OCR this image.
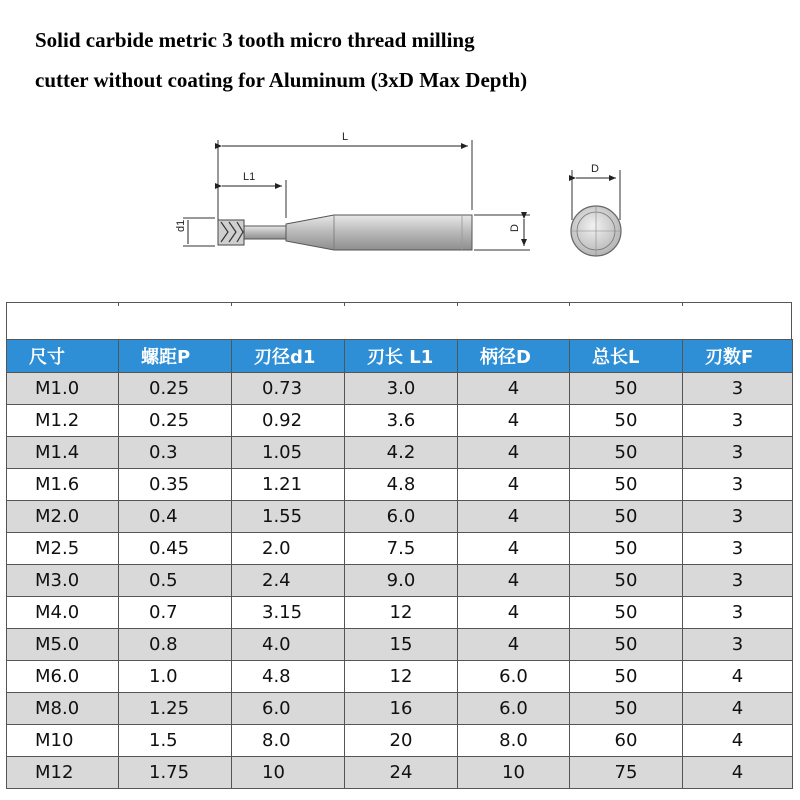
Solid carbide metric 3 tooth micro thread milling
cutter without coating for Aluminum (3xD Max Depth)
L
L1
d1	D
D
尺寸	螺距P	刃径d1	刃长 L1	柄径D	总长L	刃数F
M1.0	0.25	0.73	3.0	4	50	3
M1.2	0.25	0.92	3.6	4	50	3
M1.4	0.3	1.05	4.2	4	50	3
M1.6	0.35	1.21	4.8	4	50	3
M2.0	0.4	1.55	6.0	4	50	3
M2.5	0.45	2.0	7.5	4	50	3
M3.0	0.5	2.4	9.0	4	50	3
M4.0	0.7	3.15	12	4	50	3
M5.0	0.8	4.0	15	4	50	3
M6.0	1.0	4.8	12	6.0	50	4
M8.0	1.25	6.0	16	6.0	50	4
M10	1.5	8.0	20	8.0	60	4
M12	1.75	10	24	10	75	4
